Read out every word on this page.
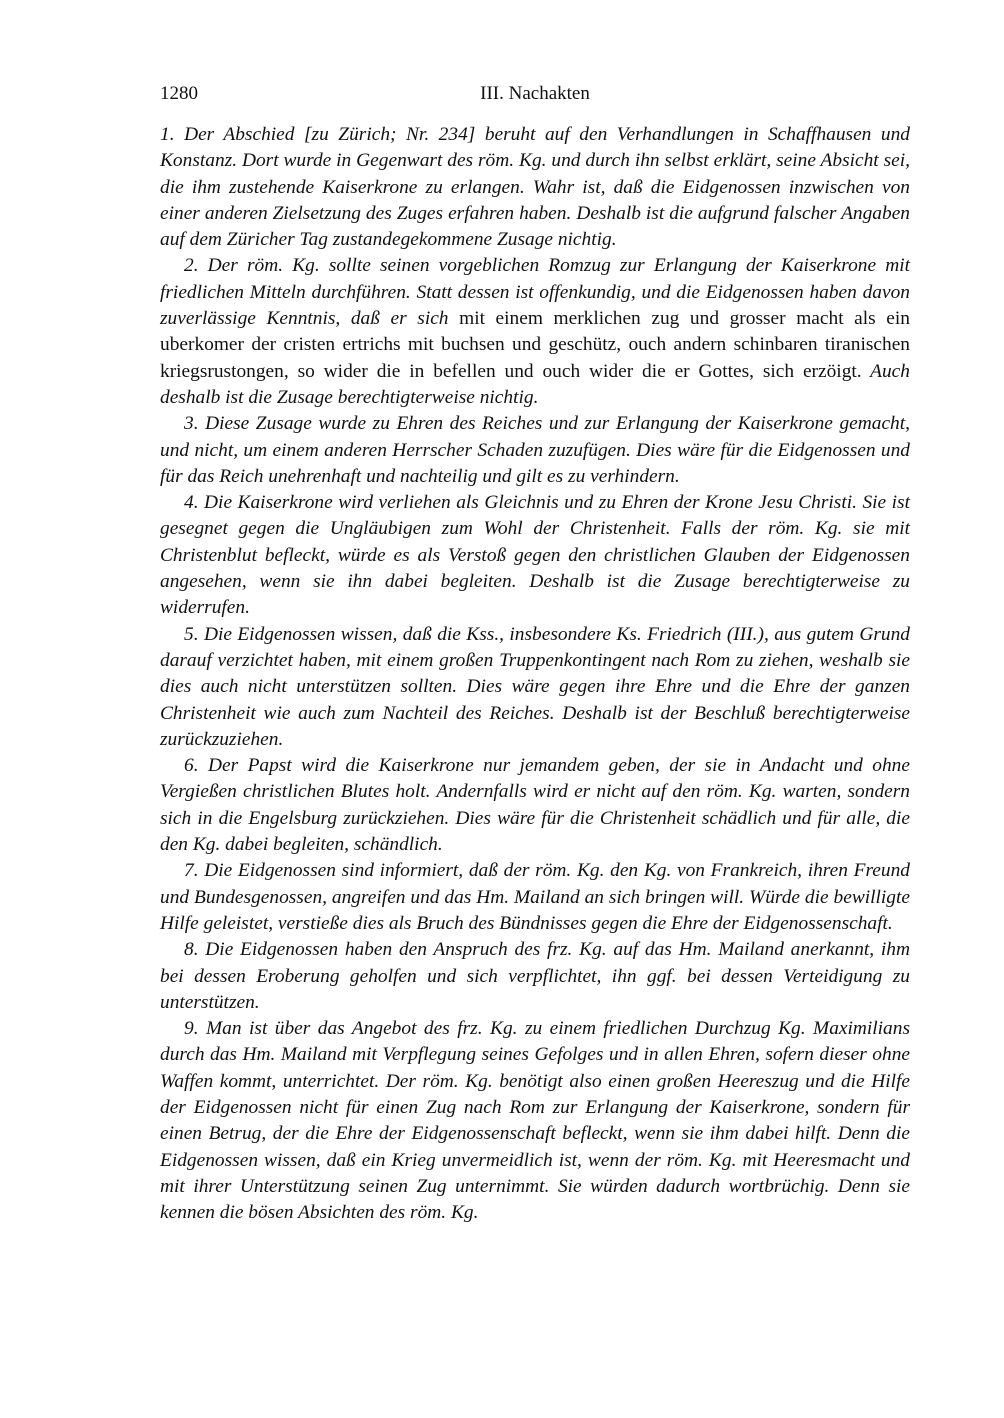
1280	III. Nachakten

1. Der Abschied [zu Zürich; Nr. 234] beruht auf den Verhandlungen in Schaffhausen und Konstanz. Dort wurde in Gegenwart des röm. Kg. und durch ihn selbst erklärt, seine Absicht sei, die ihm zustehende Kaiserkrone zu erlangen. Wahr ist, daß die Eidgenossen inzwischen von einer anderen Zielsetzung des Zuges erfahren haben. Deshalb ist die aufgrund falscher Angaben auf dem Züricher Tag zustandegekommene Zusage nichtig.

2. Der röm. Kg. sollte seinen vorgeblichen Romzug zur Erlangung der Kaiserkrone mit friedlichen Mitteln durchführen. Statt dessen ist offenkundig, und die Eidgenossen haben davon zuverlässige Kenntnis, daß er sich mit einem merklichen zug und grosser macht als ein uberkomer der cristen ertrichs mit buchsen und geschütz, ouch andern schinbaren tiranischen kriegsrustongen, so wider die in befellen und ouch wider die er Gottes, sich erzöigt. Auch deshalb ist die Zusage berechtigterweise nichtig.

3. Diese Zusage wurde zu Ehren des Reiches und zur Erlangung der Kaiserkrone gemacht, und nicht, um einem anderen Herrscher Schaden zuzufügen. Dies wäre für die Eidgenossen und für das Reich unehrenhaft und nachteilig und gilt es zu verhindern.

4. Die Kaiserkrone wird verliehen als Gleichnis und zu Ehren der Krone Jesu Christi. Sie ist gesegnet gegen die Ungläubigen zum Wohl der Christenheit. Falls der röm. Kg. sie mit Christenblut befleckt, würde es als Verstoß gegen den christlichen Glauben der Eidgenossen angesehen, wenn sie ihn dabei begleiten. Deshalb ist die Zusage berechtigterweise zu widerrufen.

5. Die Eidgenossen wissen, daß die Kss., insbesondere Ks. Friedrich (III.), aus gutem Grund darauf verzichtet haben, mit einem großen Truppenkontingent nach Rom zu ziehen, weshalb sie dies auch nicht unterstützen sollten. Dies wäre gegen ihre Ehre und die Ehre der ganzen Christenheit wie auch zum Nachteil des Reiches. Deshalb ist der Beschluß berechtigterweise zurückzuziehen.

6. Der Papst wird die Kaiserkrone nur jemandem geben, der sie in Andacht und ohne Vergießen christlichen Blutes holt. Andernfalls wird er nicht auf den röm. Kg. warten, sondern sich in die Engelsburg zurückziehen. Dies wäre für die Christenheit schädlich und für alle, die den Kg. dabei begleiten, schändlich.

7. Die Eidgenossen sind informiert, daß der röm. Kg. den Kg. von Frankreich, ihren Freund und Bundesgenossen, angreifen und das Hm. Mailand an sich bringen will. Würde die bewilligte Hilfe geleistet, verstieße dies als Bruch des Bündnisses gegen die Ehre der Eidgenossenschaft.

8. Die Eidgenossen haben den Anspruch des frz. Kg. auf das Hm. Mailand anerkannt, ihm bei dessen Eroberung geholfen und sich verpflichtet, ihn ggf. bei dessen Verteidigung zu unterstützen.

9. Man ist über das Angebot des frz. Kg. zu einem friedlichen Durchzug Kg. Maximilians durch das Hm. Mailand mit Verpflegung seines Gefolges und in allen Ehren, sofern dieser ohne Waffen kommt, unterrichtet. Der röm. Kg. benötigt also einen großen Heereszug und die Hilfe der Eidgenossen nicht für einen Zug nach Rom zur Erlangung der Kaiserkrone, sondern für einen Betrug, der die Ehre der Eidgenossenschaft befleckt, wenn sie ihm dabei hilft. Denn die Eidgenossen wissen, daß ein Krieg unvermeidlich ist, wenn der röm. Kg. mit Heeresmacht und mit ihrer Unterstützung seinen Zug unternimmt. Sie würden dadurch wortbrüchig. Denn sie kennen die bösen Absichten des röm. Kg.
